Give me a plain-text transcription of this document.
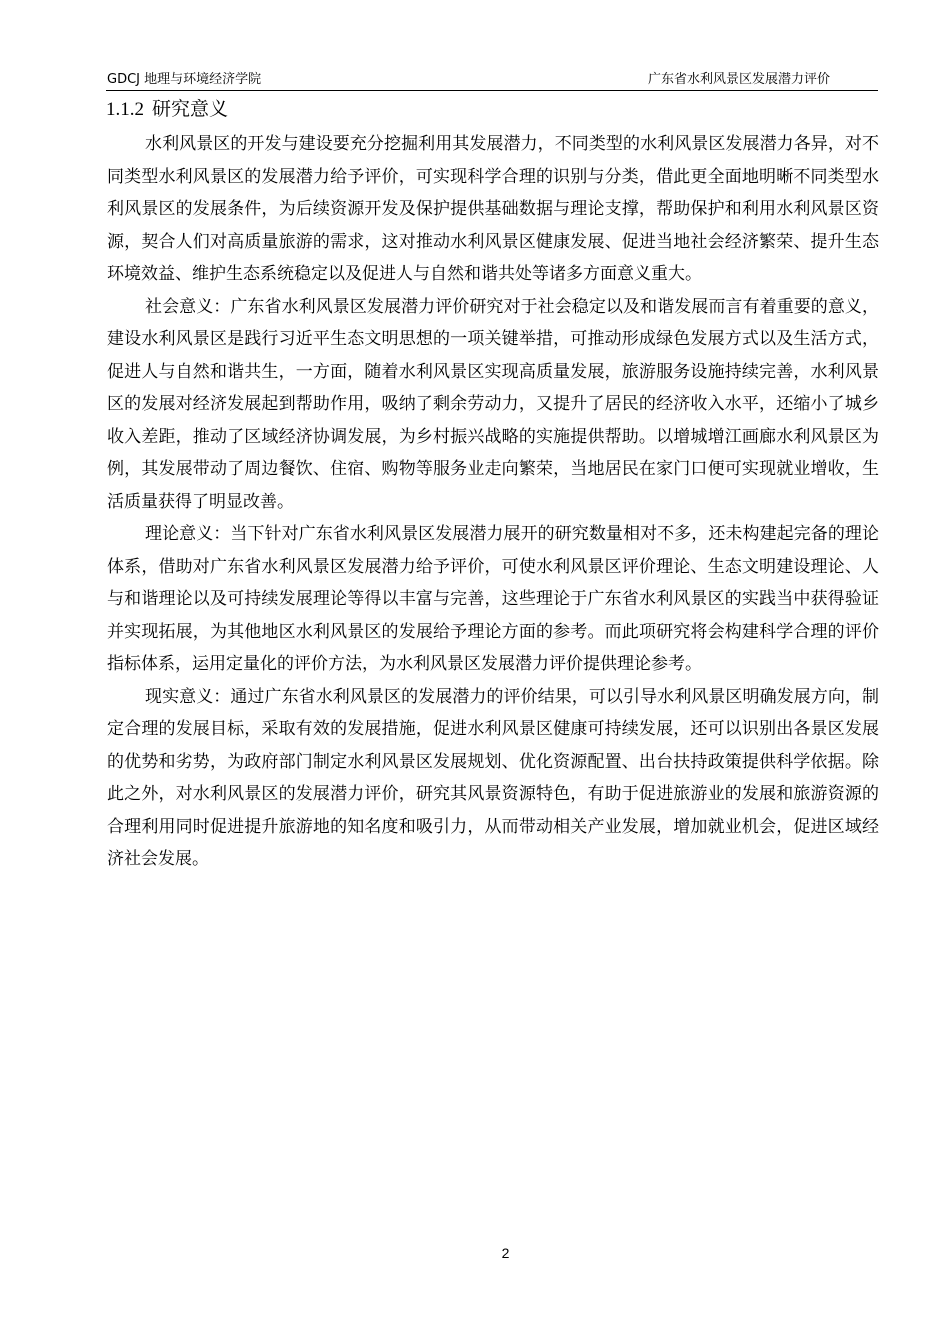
GDCJ 地理与环境经济学院	广东省水利风景区发展潜力评价
1.1.2 研究意义

水利风景区的开发与建设要充分挖掘利用其发展潜力，不同类型的水利风景区发展潜力各异，对不同类型水利风景区的发展潜力给予评价，可实现科学合理的识别与分类，借此更全面地明晰不同类型水利风景区的发展条件，为后续资源开发及保护提供基础数据与理论支撑，帮助保护和利用水利风景区资源，契合人们对高质量旅游的需求，这对推动水利风景区健康发展、促进当地社会经济繁荣、提升生态环境效益、维护生态系统稳定以及促进人与自然和谐共处等诸多方面意义重大。

社会意义：广东省水利风景区发展潜力评价研究对于社会稳定以及和谐发展而言有着重要的意义，建设水利风景区是践行习近平生态文明思想的一项关键举措，可推动形成绿色发展方式以及生活方式，促进人与自然和谐共生，一方面，随着水利风景区实现高质量发展，旅游服务设施持续完善，水利风景区的发展对经济发展起到帮助作用，吸纳了剩余劳动力，又提升了居民的经济收入水平，还缩小了城乡收入差距，推动了区域经济协调发展，为乡村振兴战略的实施提供帮助。以增城增江画廊水利风景区为例，其发展带动了周边餐饮、住宿、购物等服务业走向繁荣，当地居民在家门口便可实现就业增收，生活质量获得了明显改善。

理论意义：当下针对广东省水利风景区发展潜力展开的研究数量相对不多，还未构建起完备的理论体系，借助对广东省水利风景区发展潜力给予评价，可使水利风景区评价理论、生态文明建设理论、人与和谐理论以及可持续发展理论等得以丰富与完善，这些理论于广东省水利风景区的实践当中获得验证并实现拓展，为其他地区水利风景区的发展给予理论方面的参考。而此项研究将会构建科学合理的评价指标体系，运用定量化的评价方法，为水利风景区发展潜力评价提供理论参考。

现实意义：通过广东省水利风景区的发展潜力的评价结果，可以引导水利风景区明确发展方向，制定合理的发展目标，采取有效的发展措施，促进水利风景区健康可持续发展，还可以识别出各景区发展的优势和劣势，为政府部门制定水利风景区发展规划、优化资源配置、出台扶持政策提供科学依据。除此之外，对水利风景区的发展潜力评价，研究其风景资源特色，有助于促进旅游业的发展和旅游资源的合理利用同时促进提升旅游地的知名度和吸引力，从而带动相关产业发展，增加就业机会，促进区域经济社会发展。

2
